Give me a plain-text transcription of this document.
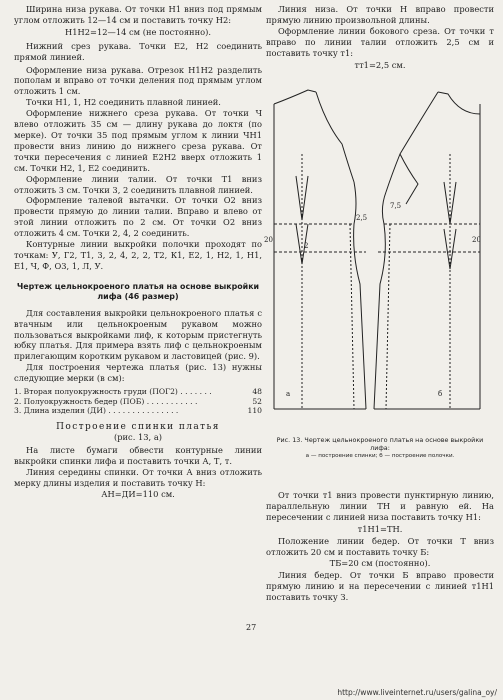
Ширина низа рукава. От точки Н1 вниз под прямым углом отложить 12—14 см и поставить точку Н2:

Н1Н2=12—14 см (не постоянно).

Нижний срез рукава. Точки Е2, Н2 соединить прямой линией.

Оформление низа рукава. Отрезок Н1Н2 разделить пополам и вправо от точки деления под прямым углом отложить 1 см.

Точки Н1, 1, Н2 соединить плавной линией.

Оформление нижнего среза рукава. От точки Ч влево отложить 35 см — длину рукава до локтя (по мерке). От точки 35 под прямым углом к линии ЧН1 провести вниз линию до нижнего среза рукава. От точки пересечения с линией Е2Н2 вверх отложить 1 см. Точки Н2, 1, Е2 соединить.

Оформление линии талии. От точки Т1 вниз отложить 3 см. Точки 3, 2 соединить плавной линией.

Оформление талевой вытачки. От точки О2 вниз провести прямую до линии талии. Вправо и влево от этой линии отложить по 2 см. От точки О2 вниз отложить 4 см. Точки 2, 4, 2 соединить.

Контурные линии выкройки полочки проходят по точкам: У, Г2, Т1, 3, 2, 4, 2, 2, Т2, К1, Е2, 1, Н2, 1, Н1, Е1, Ч, Ф, О3, 1, Л, У.

Чертеж цельнокроеного платья на основе выкройки лифа (46 размер)

Для составления выкройки цельнокроеного платья с втачным или цельнокроеным рукавом можно пользоваться выкройками лиф, к которым пристегнуть юбку платья. Для примера взять лиф с цельнокроеным прилегающим коротким рукавом и ластовицей (рис. 9).

Для построения чертежа платья (рис. 13) нужны следующие мерки (в см):

1. Вторая полуокружность груди (ПОГ2) . . . . . . .	48
2. Полуокружность бедер (ПОБ) . . . . . . . . . . .	52
3. Длина изделия (ДИ) . . . . . . . . . . . . . . .	110
Построение спинки платья

(рис. 13, а)

На листе бумаги обвести контурные линии выкройки спинки лифа и поставить точки А, Т, т.

Линия середины спинки. От точки А вниз отложить мерку длины изделия и поставить точку Н:

АН=ДИ=110 см.

Линия низа. От точки Н вправо провести прямую линию произвольной длины.

Оформление линии бокового среза. От точки т вправо по линии талии отложить 2,5 см и поставить точку т1:

тт1=2,5 см.

а	б
20	20
2,5
7,5
2
Рис. 13. Чертеж цельнокроеного платья на основе выкройки лифа:
а — построение спинки; б — построение полочки.

От точки т1 вниз провести пунктирную линию, параллельную линии ТН и равную ей. На пересечении с линией низа поставить точку Н1:

т1Н1=ТН.

Положение линии бедер. От точки Т вниз отложить 20 см и поставить точку Б:

ТБ=20 см (постоянно).

Линия бедер. От точки Б вправо провести прямую линию и на пересечении с линией т1Н1 поставить точку З.

27
http://www.liveinternet.ru/users/galina_oy/
